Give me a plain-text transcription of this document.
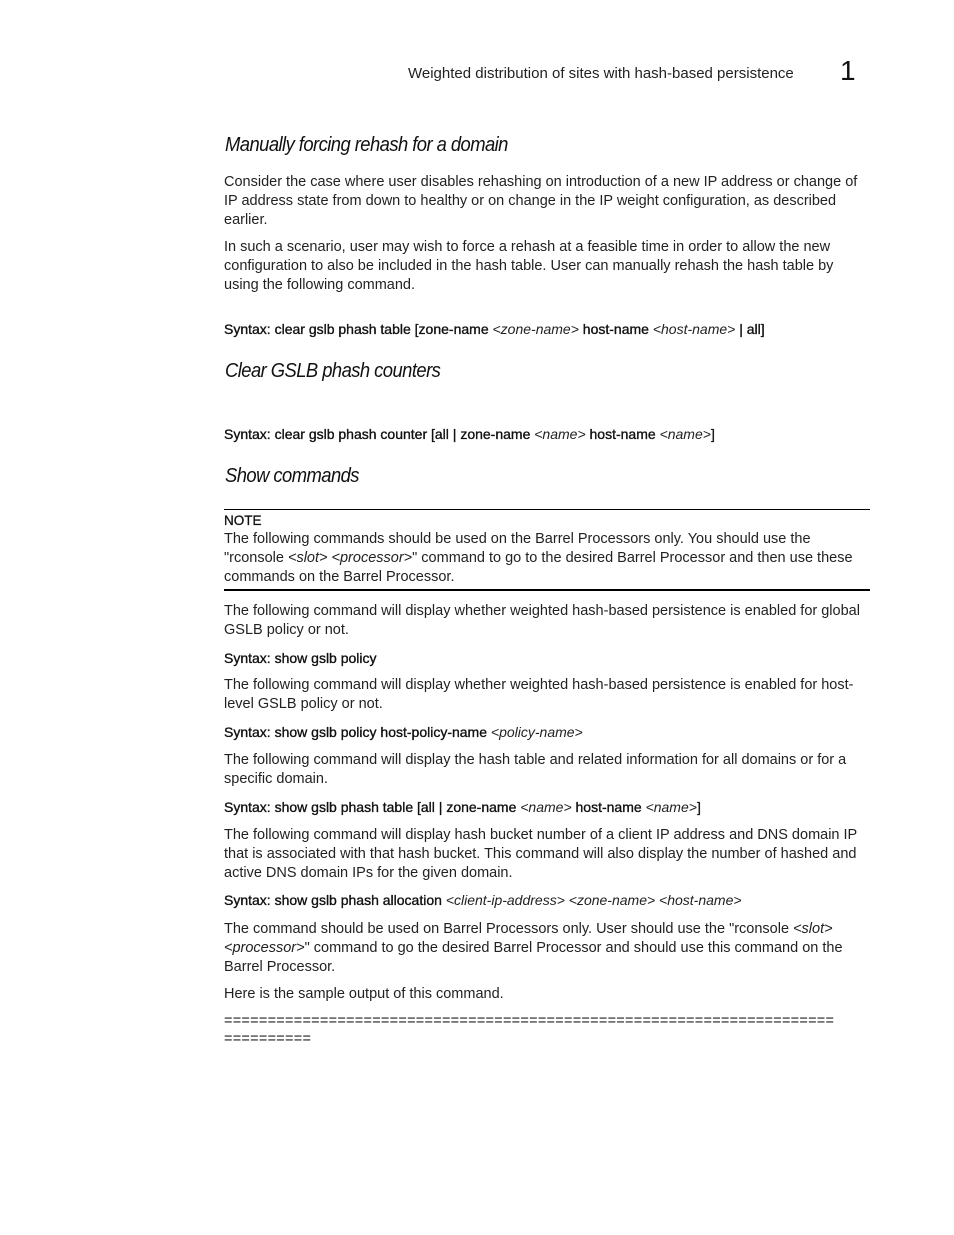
Weighted distribution of sites with hash-based persistence 1
Manually forcing rehash for a domain
Consider the case where user disables rehashing on introduction of a new IP address or change of IP address state from down to healthy or on change in the IP weight configuration, as described earlier.
In such a scenario, user may wish to force a rehash at a feasible time in order to allow the new configuration to also be included in the hash table. User can manually rehash the hash table by using the following command.
Syntax: clear gslb phash table [zone-name <zone-name> host-name <host-name> | all]
Clear GSLB phash counters
Syntax: clear gslb phash counter [all | zone-name <name> host-name <name>]
Show commands
NOTE
The following commands should be used on the Barrel Processors only. You should use the "rconsole <slot> <processor>" command to go to the desired Barrel Processor and then use these commands on the Barrel Processor.
The following command will display whether weighted hash-based persistence is enabled for global GSLB policy or not.
Syntax: show gslb policy
The following command will display whether weighted hash-based persistence is enabled for host-level GSLB policy or not.
Syntax: show gslb policy host-policy-name <policy-name>
The following command will display the hash table and related information for all domains or for a specific domain.
Syntax: show gslb phash table [all | zone-name <name> host-name <name>]
The following command will display hash bucket number of a client IP address and DNS domain IP that is associated with that hash bucket. This command will also display the number of hashed and active DNS domain IPs for the given domain.
Syntax: show gslb phash allocation <client-ip-address> <zone-name> <host-name>
The command should be used on Barrel Processors only. User should use the "rconsole <slot> <processor>" command to go the desired Barrel Processor and should use this command on the Barrel Processor.
Here is the sample output of this command.
======================================================================
==========
